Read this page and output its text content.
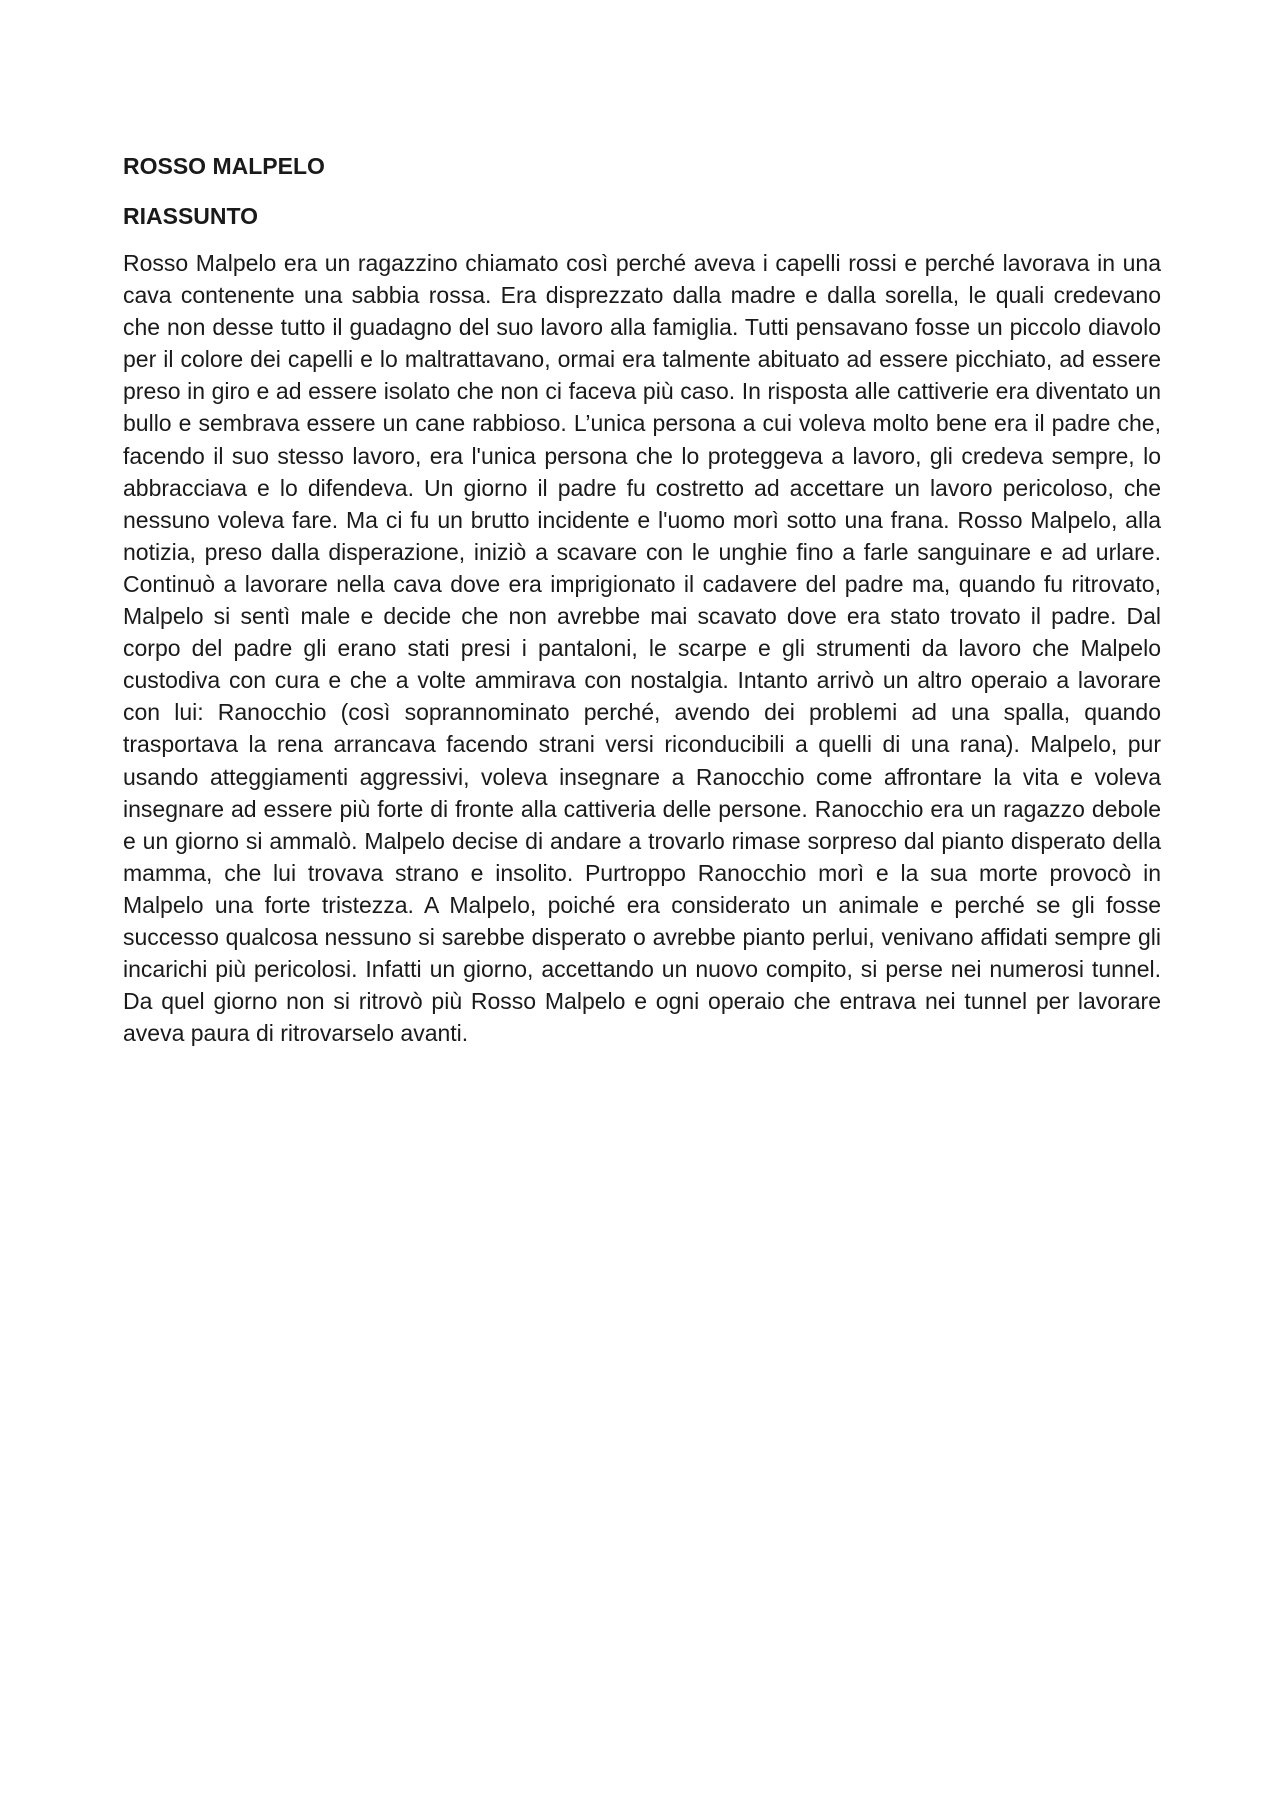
ROSSO MALPELO
RIASSUNTO

Rosso Malpelo era un ragazzino chiamato così perché aveva i capelli rossi e perché lavorava in una cava contenente una sabbia rossa. Era disprezzato dalla madre e dalla sorella, le quali credevano che non desse tutto il guadagno del suo lavoro alla famiglia. Tutti pensavano fosse un piccolo diavolo per il colore dei capelli e lo maltrattavano, ormai era talmente abituato ad essere picchiato, ad essere preso in giro e ad essere isolato che non ci faceva più caso. In risposta alle cattiverie era diventato un bullo e sembrava essere un cane rabbioso. L’unica persona a cui voleva molto bene era il padre che, facendo il suo stesso lavoro, era l'unica persona che lo proteggeva a lavoro, gli credeva sempre, lo abbracciava e lo difendeva. Un giorno il padre fu costretto ad accettare un lavoro pericoloso, che nessuno voleva fare. Ma ci fu un brutto incidente e l'uomo morì sotto una frana. Rosso Malpelo, alla notizia, preso dalla disperazione, iniziò a scavare con le unghie fino a farle sanguinare e ad urlare. Continuò a lavorare nella cava dove era imprigionato il cadavere del padre ma, quando fu ritrovato, Malpelo si sentì male e decide che non avrebbe mai scavato dove era stato trovato il padre. Dal corpo del padre gli erano stati presi i pantaloni, le scarpe e gli strumenti da lavoro che Malpelo custodiva con cura e che a volte ammirava con nostalgia. Intanto arrivò un altro operaio a lavorare con lui: Ranocchio (così soprannominato perché, avendo dei problemi ad una spalla, quando trasportava la rena arrancava facendo strani versi riconducibili a quelli di una rana). Malpelo, pur usando atteggiamenti aggressivi, voleva insegnare a Ranocchio come affrontare la vita e voleva insegnare ad essere più forte di fronte alla cattiveria delle persone. Ranocchio era un ragazzo debole e un giorno si ammalò. Malpelo decise di andare a trovarlo rimase sorpreso dal pianto disperato della mamma, che lui trovava strano e insolito. Purtroppo Ranocchio morì e la sua morte provocò in Malpelo una forte tristezza. A Malpelo, poiché era considerato un animale e perché se gli fosse successo qualcosa nessuno si sarebbe disperato o avrebbe pianto perlui, venivano affidati sempre gli incarichi più pericolosi. Infatti un giorno, accettando un nuovo compito, si perse nei numerosi tunnel. Da quel giorno non si ritrovò più Rosso Malpelo e ogni operaio che entrava nei tunnel per lavorare aveva paura di ritrovarselo avanti.
